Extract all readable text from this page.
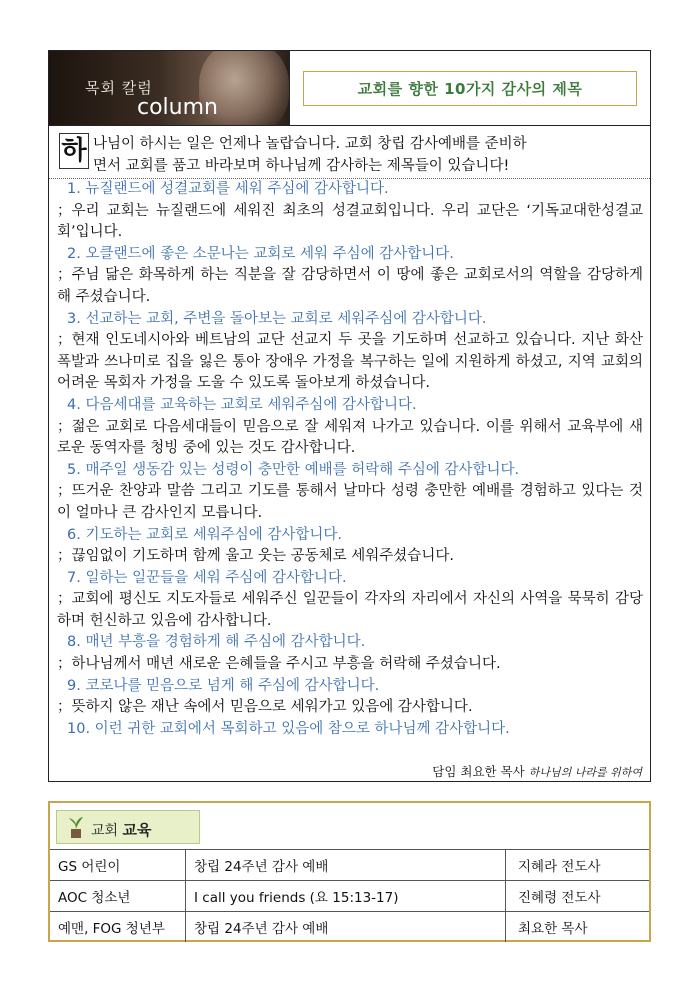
목회 칼럼
column
교회를 향한 10가지 감사의 제목
하 나님이 하시는 일은 언제나 놀랍습니다. 교회 창립 감사예배를 준비하
면서 교회를 품고 바라보며 하나님께 감사하는 제목들이 있습니다!
1. 뉴질랜드에 성결교회를 세워 주심에 감사합니다.
；우리 교회는 뉴질랜드에 세워진 최초의 성결교회입니다. 우리 교단은 ‘기독교대한성결교회’입니다.
2. 오클랜드에 좋은 소문나는 교회로 세워 주심에 감사합니다.
；주님 닮은 화목하게 하는 직분을 잘 감당하면서 이 땅에 좋은 교회로서의 역할을 감당하게 해 주셨습니다.
3. 선교하는 교회, 주변을 돌아보는 교회로 세워주심에 감사합니다.
；현재 인도네시아와 베트남의 교단 선교지 두 곳을 기도하며 선교하고 있습니다. 지난 화산폭발과 쓰나미로 집을 잃은 통아 장애우 가정을 복구하는 일에 지원하게 하셨고, 지역 교회의 어려운 목회자 가정을 도울 수 있도록 돌아보게 하셨습니다.
4. 다음세대를 교육하는 교회로 세워주심에 감사합니다.
；젊은 교회로 다음세대들이 믿음으로 잘 세워져 나가고 있습니다. 이를 위해서 교육부에 새로운 동역자를 청빙 중에 있는 것도 감사합니다.
5. 매주일 생동감 있는 성령이 충만한 예배를 허락해 주심에 감사합니다.
；뜨거운 찬양과 말씀 그리고 기도를 통해서 날마다 성령 충만한 예배를 경험하고 있다는 것이 얼마나 큰 감사인지 모릅니다.
6. 기도하는 교회로 세워주심에 감사합니다.
；끊임없이 기도하며 함께 울고 웃는 공동체로 세워주셨습니다.
7. 일하는 일꾼들을 세워 주심에 감사합니다.
；교회에 평신도 지도자들로 세워주신 일꾼들이 각자의 자리에서 자신의 사역을 묵묵히 감당하며 헌신하고 있음에 감사합니다.
8. 매년 부흥을 경험하게 해 주심에 감사합니다.
；하나님께서 매년 새로운 은혜들을 주시고 부흥을 허락해 주셨습니다.
9. 코로나를 믿음으로 넘게 해 주심에 감사합니다.
；뜻하지 않은 재난 속에서 믿음으로 세워가고 있음에 감사합니다.
10. 이런 귀한 교회에서 목회하고 있음에 참으로 하나님께 감사합니다.
담임 최요한 목사 하나님의 나라를 위하여
교회 교육
GS 어린이	창립 24주년 감사 예배	지혜라 전도사
AOC 청소년	I call you friends (요 15:13-17)	진혜령 전도사
예맨, FOG 청년부	창립 24주년 감사 예배	최요한 목사
